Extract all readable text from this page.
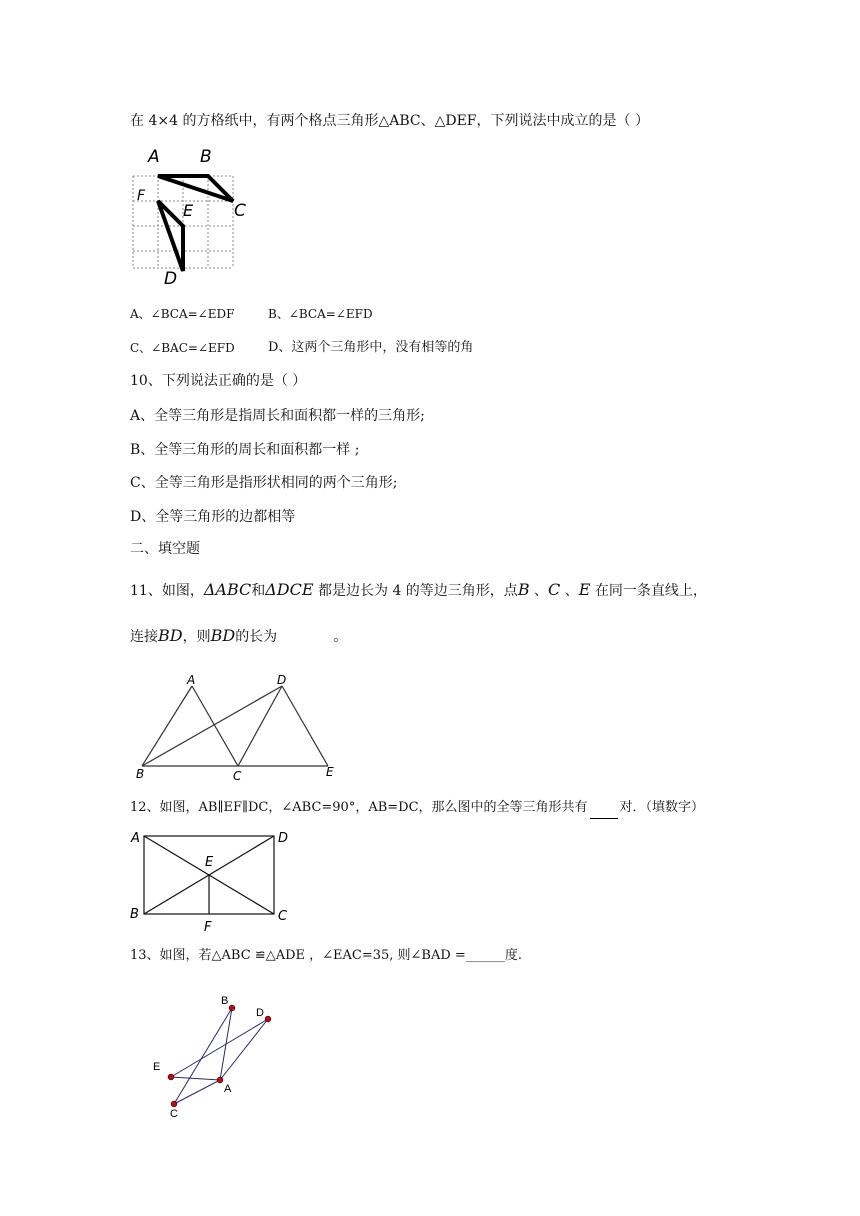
在 4×4 的方格纸中，有两个格点三角形△ABC、△DEF，下列说法中成立的是（ ）
A B
C
D
E
F
A、∠BCA=∠EDF	B、∠BCA=∠EFD
C、∠BAC=∠EFD	D、这两个三角形中，没有相等的角
10、下列说法正确的是（ ）
A、全等三角形是指周长和面积都一样的三角形;
B、全等三角形的周长和面积都一样 ;
C、全等三角形是指形状相同的两个三角形;
D、全等三角形的边都相等
二、填空题
11、如图，ΔABC和ΔDCE 都是边长为 4 的等边三角形，点B 、C 、E 在同一条直线上，
连接BD，则BD的长为	。
A	D
B	C	E
12、如图，AB∥EF∥DC，∠ABC=90°，AB=DC，那么图中的全等三角形共有 对．（填数字）
A	D
E
B	C
F
13、如图，若△ABC ≌△ADE ，∠EAC=35, 则∠BAD =______度.
B
D
E
A
C
